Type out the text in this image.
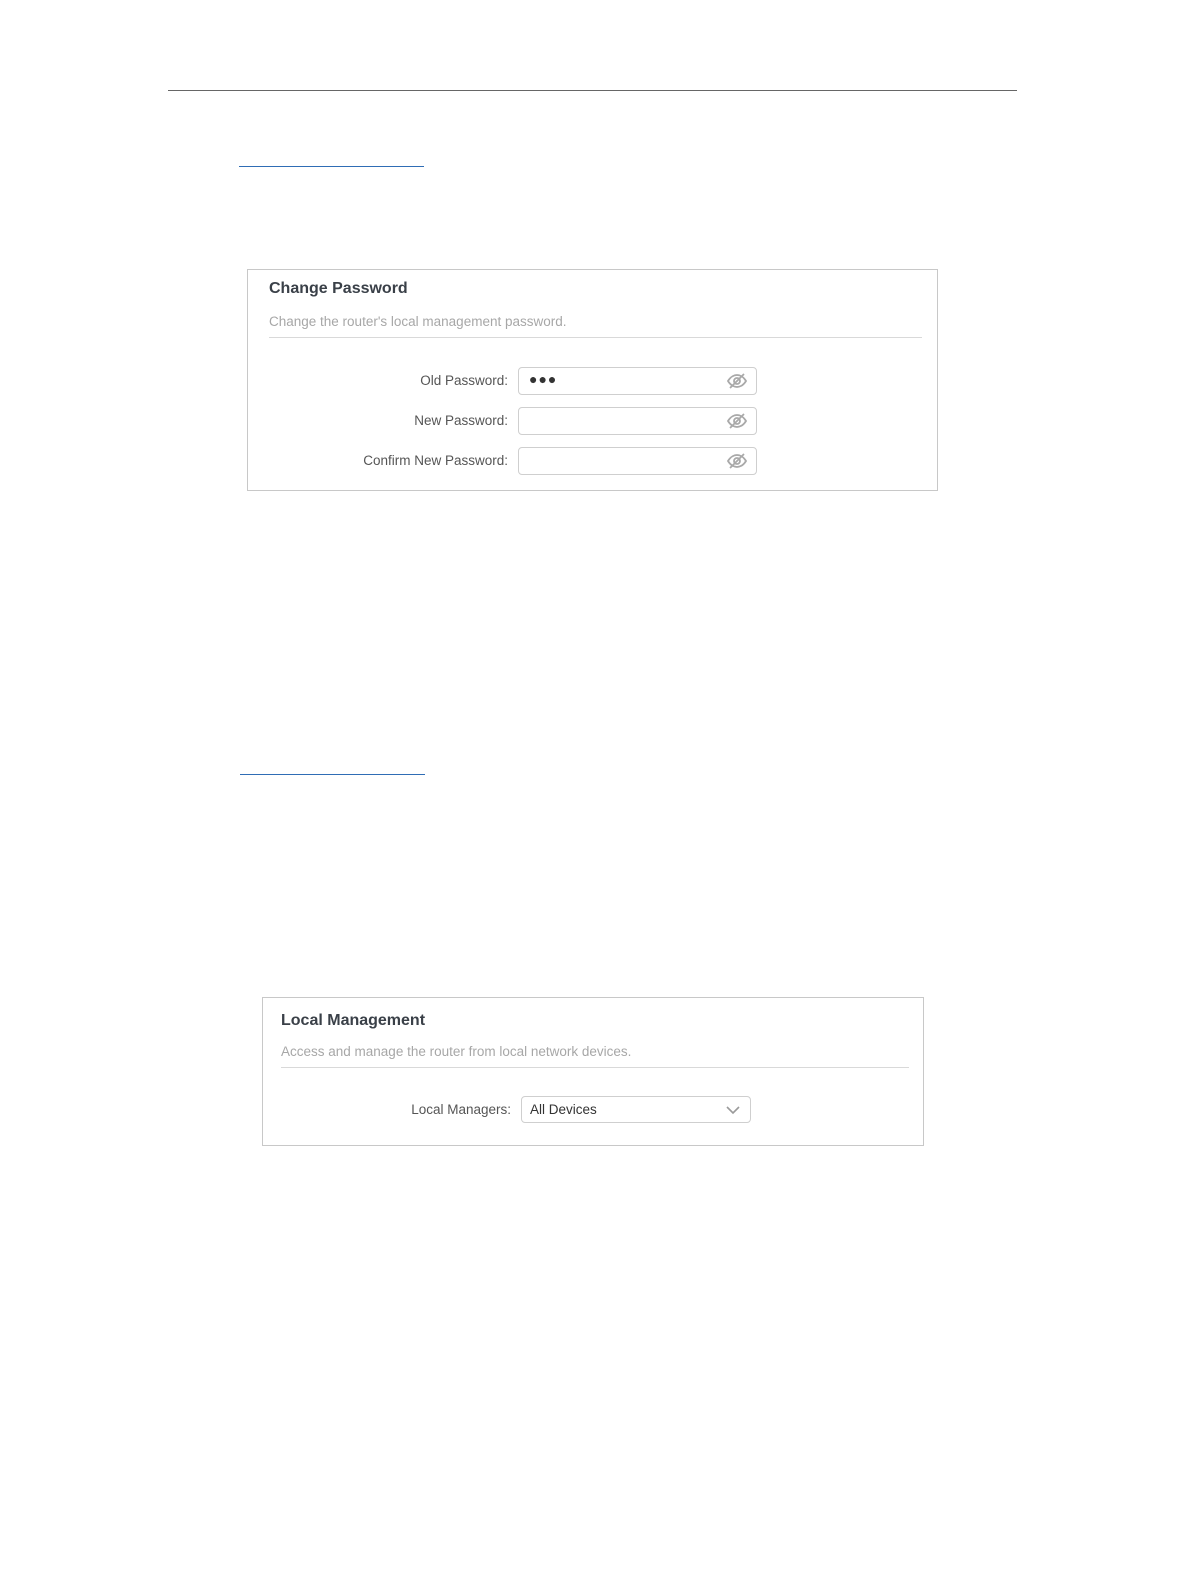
Change Password
Change the router's local management password.
Old Password: ●●●
New Password:
Confirm New Password:
Local Management
Access and manage the router from local network devices.
Local Managers: All Devices
